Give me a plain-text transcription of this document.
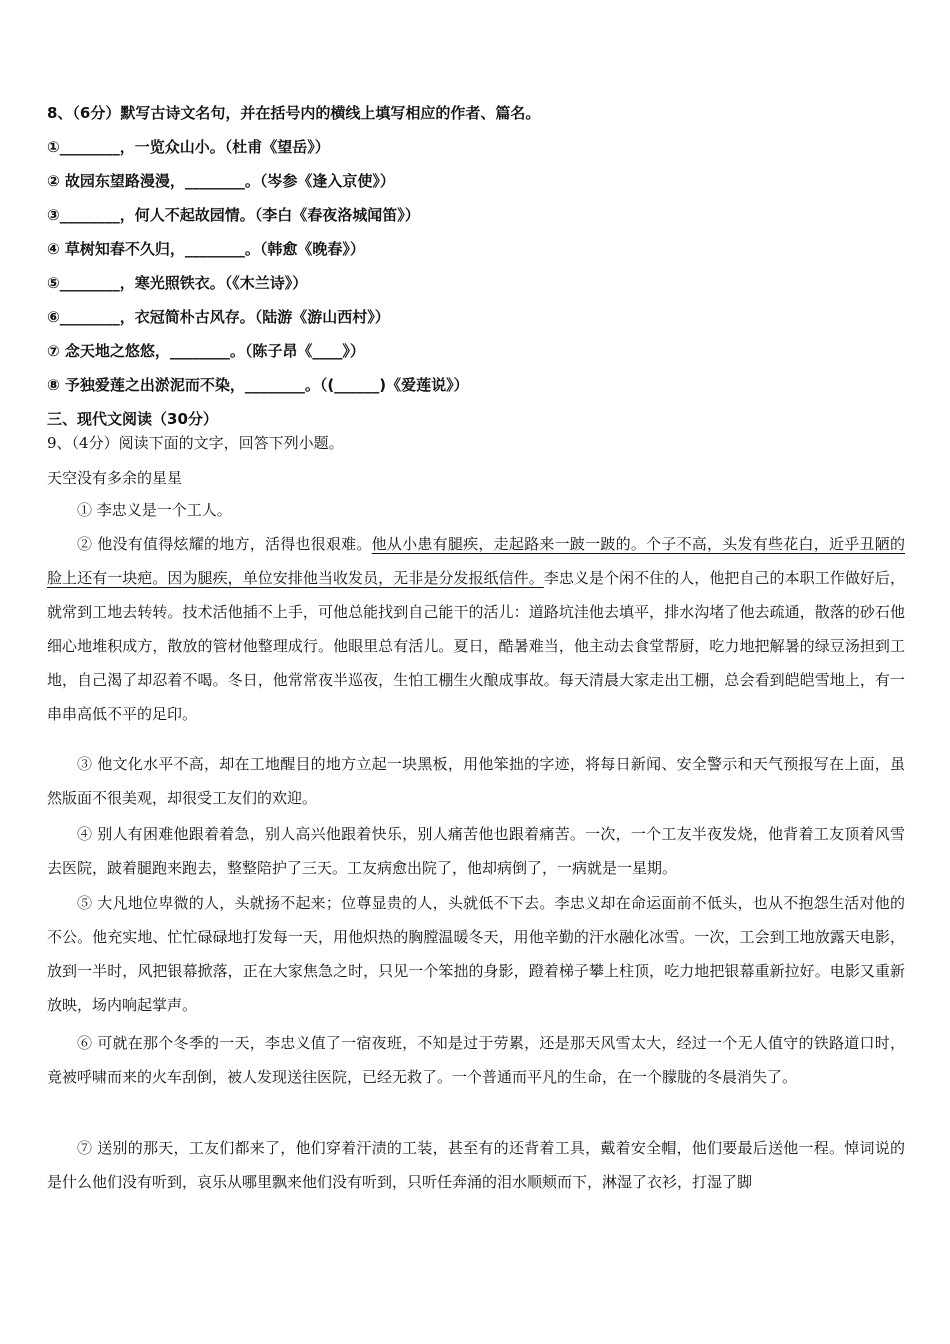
8、（6分）默写古诗文名句，并在括号内的横线上填写相应的作者、篇名。
①________，一览众山小。（杜甫《望岳》）
② 故园东望路漫漫，________。（岑参《逢入京使》）
③________，何人不起故园情。（李白《春夜洛城闻笛》）
④ 草树知春不久归，________。（韩愈《晚春》）
⑤________，寒光照铁衣。（《木兰诗》）
⑥________，衣冠简朴古风存。（陆游《游山西村》）
⑦ 念天地之悠悠，________。（陈子昂《____》）
⑧ 予独爱莲之出淤泥而不染，________。（(______)《爱莲说》）
三、现代文阅读（30分）
9、（4分）阅读下面的文字，回答下列小题。
天空没有多余的星星
① 李忠义是一个工人。
② 他没有值得炫耀的地方，活得也很艰难。他从小患有腿疾，走起路来一跛一跛的。个子不高，头发有些花白，近乎丑陋的脸上还有一块疤。因为腿疾，单位安排他当收发员，无非是分发报纸信件。李忠义是个闲不住的人，他把自己的本职工作做好后，就常到工地去转转。技术活他插不上手，可他总能找到自己能干的活儿：道路坑洼他去填平，排水沟堵了他去疏通，散落的砂石他细心地堆积成方，散放的管材他整理成行。他眼里总有活儿。夏日，酷暑难当，他主动去食堂帮厨，吃力地把解暑的绿豆汤担到工地，自己渴了却忍着不喝。冬日，他常常夜半巡夜，生怕工棚生火酿成事故。每天清晨大家走出工棚，总会看到皑皑雪地上，有一串串高低不平的足印。
③ 他文化水平不高，却在工地醒目的地方立起一块黑板，用他笨拙的字迹，将每日新闻、安全警示和天气预报写在上面，虽然版面不很美观，却很受工友们的欢迎。
④ 别人有困难他跟着着急，别人高兴他跟着快乐，别人痛苦他也跟着痛苦。一次，一个工友半夜发烧，他背着工友顶着风雪去医院，跛着腿跑来跑去，整整陪护了三天。工友病愈出院了，他却病倒了，一病就是一星期。
⑤ 大凡地位卑微的人，头就扬不起来；位尊显贵的人，头就低不下去。李忠义却在命运面前不低头，也从不抱怨生活对他的不公。他充实地、忙忙碌碌地打发每一天，用他炽热的胸膛温暖冬天，用他辛勤的汗水融化冰雪。一次，工会到工地放露天电影，放到一半时，风把银幕掀落，正在大家焦急之时，只见一个笨拙的身影，蹬着梯子攀上柱顶，吃力地把银幕重新拉好。电影又重新放映，场内响起掌声。
⑥ 可就在那个冬季的一天，李忠义值了一宿夜班，不知是过于劳累，还是那天风雪太大，经过一个无人值守的铁路道口时，竟被呼啸而来的火车刮倒，被人发现送往医院，已经无救了。一个普通而平凡的生命，在一个朦胧的冬晨消失了。
⑦ 送别的那天，工友们都来了，他们穿着汗渍的工装，甚至有的还背着工具，戴着安全帽，他们要最后送他一程。悼词说的是什么他们没有听到，哀乐从哪里飘来他们没有听到，只听任奔涌的泪水顺颊而下，淋湿了衣衫，打湿了脚
